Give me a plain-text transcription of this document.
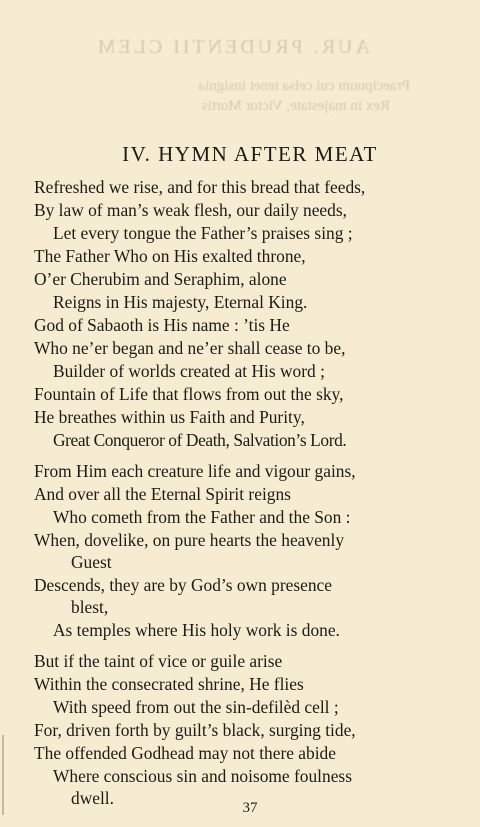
AUR. PRUDENTII CLEM
Praecipuum cui celsa tenet insignia
Rex in majestate, Victor Mortis
IV. HYMN AFTER MEAT
Refreshed we rise, and for this bread that feeds,
By law of man’s weak flesh, our daily needs,
Let every tongue the Father’s praises sing ;
The Father Who on His exalted throne,
O’er Cherubim and Seraphim, alone
Reigns in His majesty, Eternal King.
God of Sabaoth is His name : ’tis He
Who ne’er began and ne’er shall cease to be,
Builder of worlds created at His word ;
Fountain of Life that flows from out the sky,
He breathes within us Faith and Purity,
Great Conqueror of Death, Salvation’s Lord.
From Him each creature life and vigour gains,
And over all the Eternal Spirit reigns
Who cometh from the Father and the Son :
When, dovelike, on pure hearts the heavenly
Guest
Descends, they are by God’s own presence
blest,
As temples where His holy work is done.
But if the taint of vice or guile arise
Within the consecrated shrine, He flies
With speed from out the sin-defilèd cell ;
For, driven forth by guilt’s black, surging tide,
The offended Godhead may not there abide
Where conscious sin and noisome foulness
dwell.	37
